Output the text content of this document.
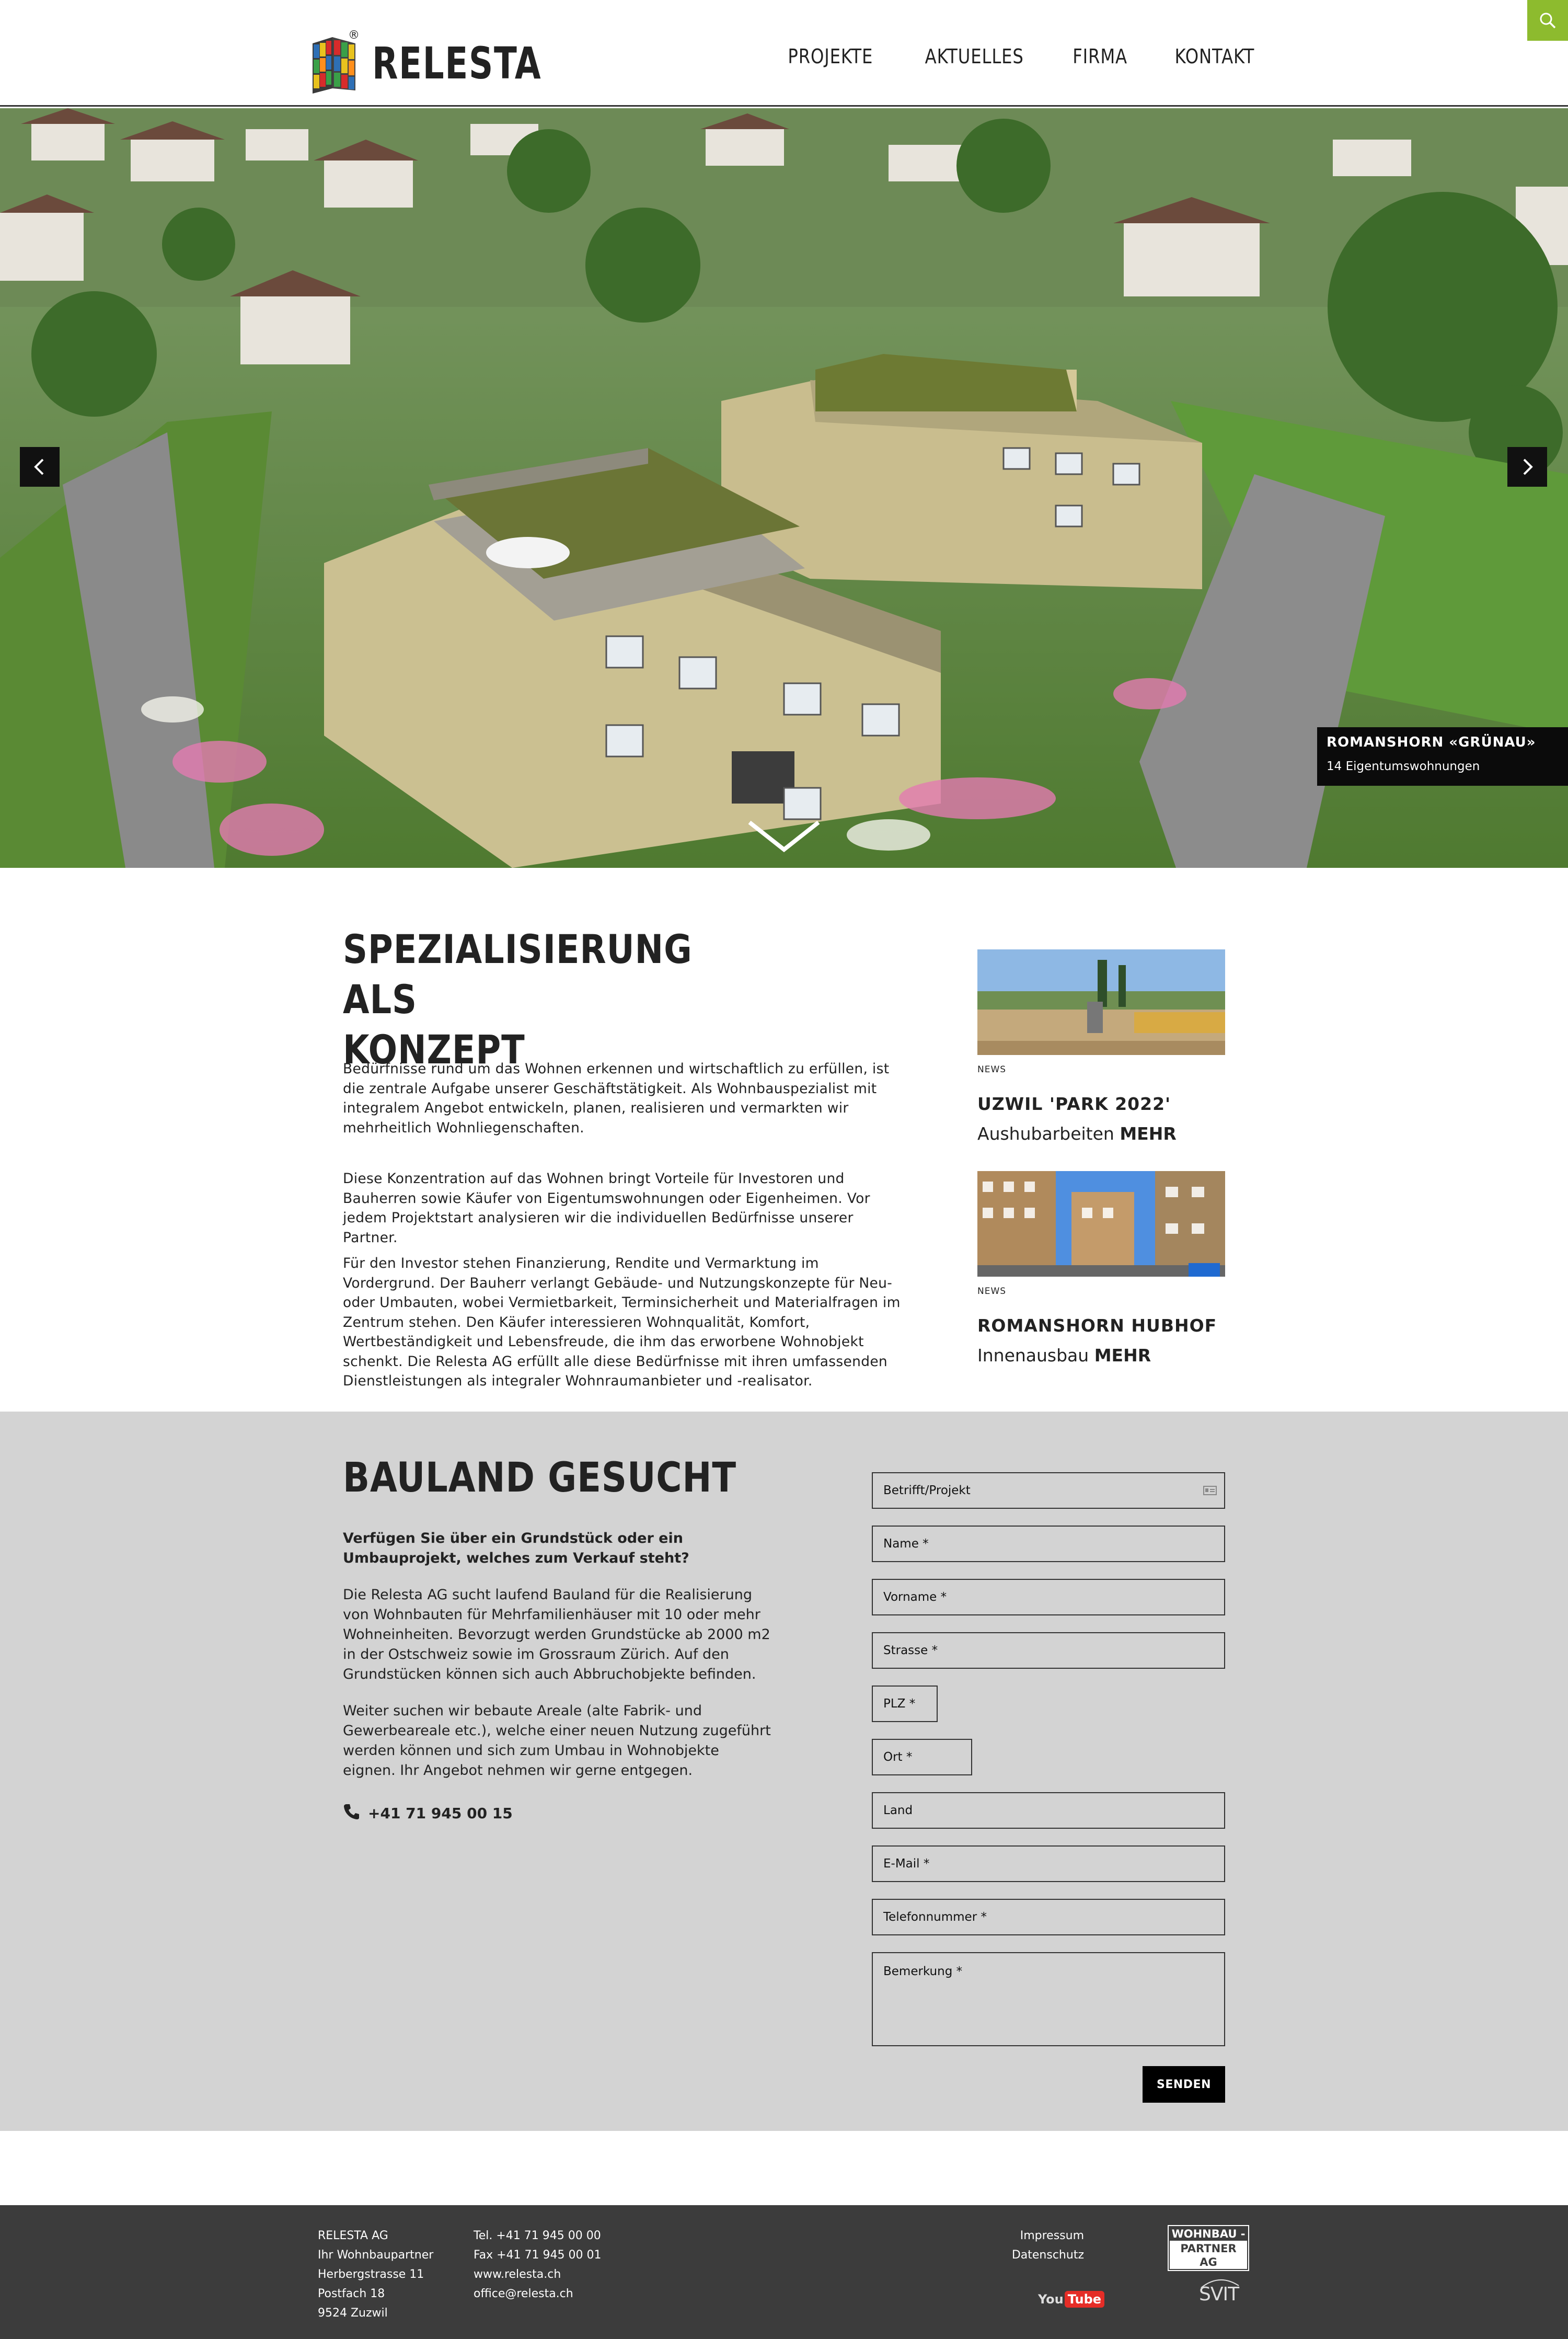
®
RELESTA	PROJEKTE	AKTUELLES FIRMA KONTAKT
ROMANSHORN «GRÜNAU»
14 Eigentumswohnungen
SPEZIALISIERUNG ALS
KONZEPT

Bedürfnisse rund um das Wohnen erkennen und wirtschaftlich zu erfüllen, ist die zentrale Aufgabe unserer Geschäftstätigkeit. Als Wohnbauspezialist mit integralem Angebot entwickeln, planen, realisieren und vermarkten wir mehrheitlich Wohnliegenschaften.

Diese Konzentration auf das Wohnen bringt Vorteile für Investoren und Bauherren sowie Käufer von Eigentumswohnungen oder Eigenheimen. Vor jedem Projektstart analysieren wir die individuellen Bedürfnisse unserer Partner.

Für den Investor stehen Finanzierung, Rendite und Vermarktung im Vordergrund. Der Bauherr verlangt Gebäude- und Nutzungskonzepte für Neu- oder Umbauten, wobei Vermietbarkeit, Terminsicherheit und Materialfragen im Zentrum stehen. Den Käufer interessieren Wohnqualität, Komfort, Wertbeständigkeit und Lebensfreude, die ihm das erworbene Wohnobjekt schenkt. Die Relesta AG erfüllt alle diese Bedürfnisse mit ihren umfassenden Dienstleistungen als integraler Wohnraumanbieter und -realisator.

NEWS
UZWIL 'PARK 2022'
Aushubarbeiten MEHR
NEWS
ROMANSHORN HUBHOF
Innenausbau MEHR
BAULAND GESUCHT

Verfügen Sie über ein Grundstück oder ein Umbauprojekt, welches zum Verkauf steht?

Die Relesta AG sucht laufend Bauland für die Realisierung von Wohnbauten für Mehrfamilienhäuser mit 10 oder mehr Wohneinheiten. Bevorzugt werden Grundstücke ab 2000 m2 in der Ostschweiz sowie im Grossraum Zürich. Auf den Grundstücken können sich auch Abbruchobjekte befinden.

Weiter suchen wir bebaute Areale (alte Fabrik- und Gewerbeareale etc.), welche einer neuen Nutzung zugeführt werden können und sich zum Umbau in Wohnobjekte eignen. Ihr Angebot nehmen wir gerne entgegen.

+41 71 945 00 15
Betrifft/Projekt
Name *
Vorname *
Strasse *
PLZ *
Ort *
Land
E-Mail *
Telefonnummer *
Bemerkung *
SENDEN
RELESTA AG
Ihr Wohnbaupartner
Herbergstrasse 11
Postfach 18
9524 Zuzwil
Tel. +41 71 945 00 00
Fax +41 71 945 00 01
www.relesta.ch
office@relesta.ch
Impressum
Datenschutz
You Tube
WOHNBAU -
PARTNER AG
SVIT
